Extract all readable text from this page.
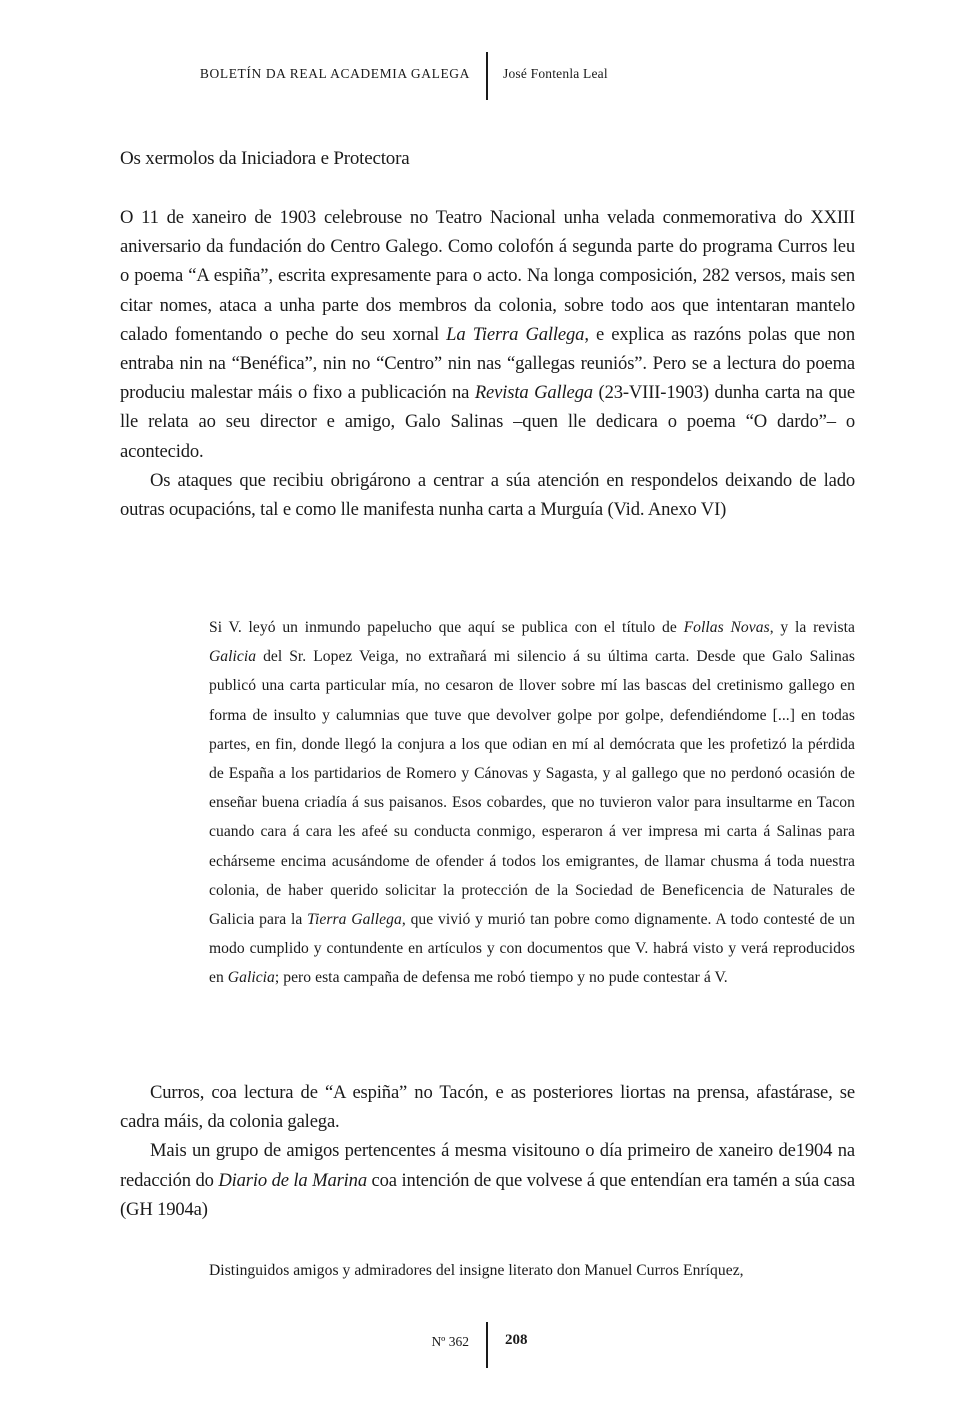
BOLETÍN DA REAL ACADEMIA GALEGA José Fontenla Leal
Os xermolos da Iniciadora e Protectora

O 11 de xaneiro de 1903 celebrouse no Teatro Nacional unha velada conmemorativa do XXIII aniversario da fundación do Centro Galego. Como colofón á segunda parte do programa Curros leu o poema “A espiña”, escrita expresamente para o acto. Na longa composición, 282 versos, mais sen citar nomes, ataca a unha parte dos membros da colonia, sobre todo aos que intentaran mantelo calado fomentando o peche do seu xornal La Tierra Gallega, e explica as razóns polas que non entraba nin na “Benéfica”, nin no “Centro” nin nas “gallegas reuniós”. Pero se a lectura do poema produciu malestar máis o fixo a publicación na Revista Gallega (23-VIII-1903) dunha carta na que lle relata ao seu director e amigo, Galo Salinas –quen lle dedicara o poema “O dardo”– o acontecido.

Os ataques que recibiu obrigárono a centrar a súa atención en respondelos deixando de lado outras ocupacións, tal e como lle manifesta nunha carta a Murguía (Vid. Anexo VI)

Si V. leyó un inmundo papelucho que aquí se publica con el título de Follas Novas, y la revista Galicia del Sr. Lopez Veiga, no extrañará mi silencio á su última carta. Desde que Galo Salinas publicó una carta particular mía, no cesaron de llover sobre mí las bascas del cretinismo gallego en forma de insulto y calumnias que tuve que devolver golpe por golpe, defendiéndome [...] en todas partes, en fin, donde llegó la conjura a los que odian en mí al demócrata que les profetizó la pérdida de España a los partidarios de Romero y Cánovas y Sagasta, y al gallego que no perdonó ocasión de enseñar buena criadía á sus paisanos. Esos cobardes, que no tuvieron valor para insultarme en Tacon cuando cara á cara les afeé su conducta conmigo, esperaron á ver impresa mi carta á Salinas para echárseme encima acusándome de ofender á todos los emigrantes, de llamar chusma á toda nuestra colonia, de haber querido solicitar la protección de la Sociedad de Beneficencia de Naturales de Galicia para la Tierra Gallega, que vivió y murió tan pobre como dignamente. A todo contesté de un modo cumplido y contundente en artículos y con documentos que V. habrá visto y verá reproducidos en Galicia; pero esta campaña de defensa me robó tiempo y no pude contestar á V.

Curros, coa lectura de “A espiña” no Tacón, e as posteriores liortas na prensa, afastárase, se cadra máis, da colonia galega.

Mais un grupo de amigos pertencentes á mesma visitouno o día primeiro de xaneiro de1904 na redacción do Diario de la Marina coa intención de que volvese á que entendían era tamén a súa casa (GH 1904a)

Distinguidos amigos y admiradores del insigne literato don Manuel Curros Enríquez,

Nº 362 208
